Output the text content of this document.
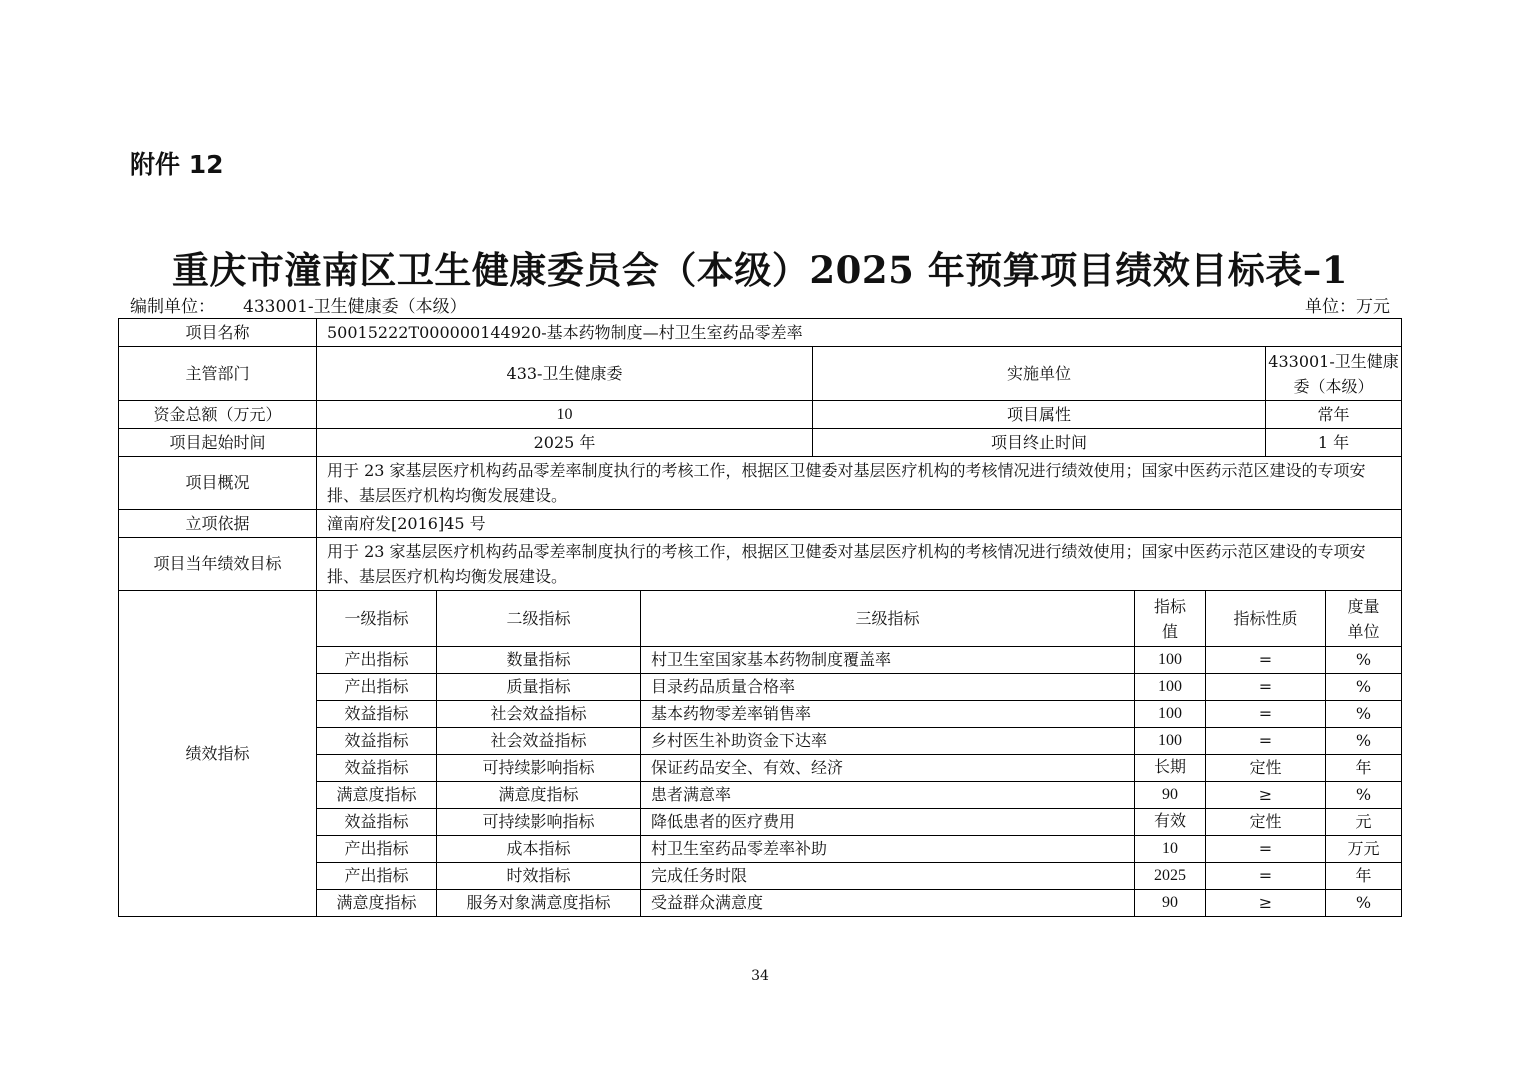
附件 12
重庆市潼南区卫生健康委员会（本级）2025 年预算项目绩效目标表–1
编制单位： 433001-卫生健康委（本级）	单位：万元
项目名称	50015222T000000144920-基本药物制度—村卫生室药品零差率							
主管部门	433-卫生健康委			实施单位			433001-卫生健康委（本级）	
资金总额（万元）	10			项目属性			常年	
项目起始时间	2025 年			项目终止时间			1 年	
项目概况	用于 23 家基层医疗机构药品零差率制度执行的考核工作，根据区卫健委对基层医疗机构的考核情况进行绩效使用；国家中医药示范区建设的专项安排、基层医疗机构均衡发展建设。							
立项依据	潼南府发[2016]45 号							
项目当年绩效目标	用于 23 家基层医疗机构药品零差率制度执行的考核工作，根据区卫健委对基层医疗机构的考核情况进行绩效使用；国家中医药示范区建设的专项安排、基层医疗机构均衡发展建设。							
绩效指标	一级指标	二级指标	三级指标		指标值	指标性质		度量单位
	产出指标	数量指标	村卫生室国家基本药物制度覆盖率		100	=		%
	产出指标	质量指标	目录药品质量合格率		100	=		%
	效益指标	社会效益指标	基本药物零差率销售率		100	=		%
	效益指标	社会效益指标	乡村医生补助资金下达率		100	=		%
	效益指标	可持续影响指标	保证药品安全、有效、经济		长期	定性		年
	满意度指标	满意度指标	患者满意率		90	≥		%
	效益指标	可持续影响指标	降低患者的医疗费用		有效	定性		元
	产出指标	成本指标	村卫生室药品零差率补助		10	=		万元
	产出指标	时效指标	完成任务时限		2025	=		年
	满意度指标	服务对象满意度指标	受益群众满意度		90	≥		%
34
